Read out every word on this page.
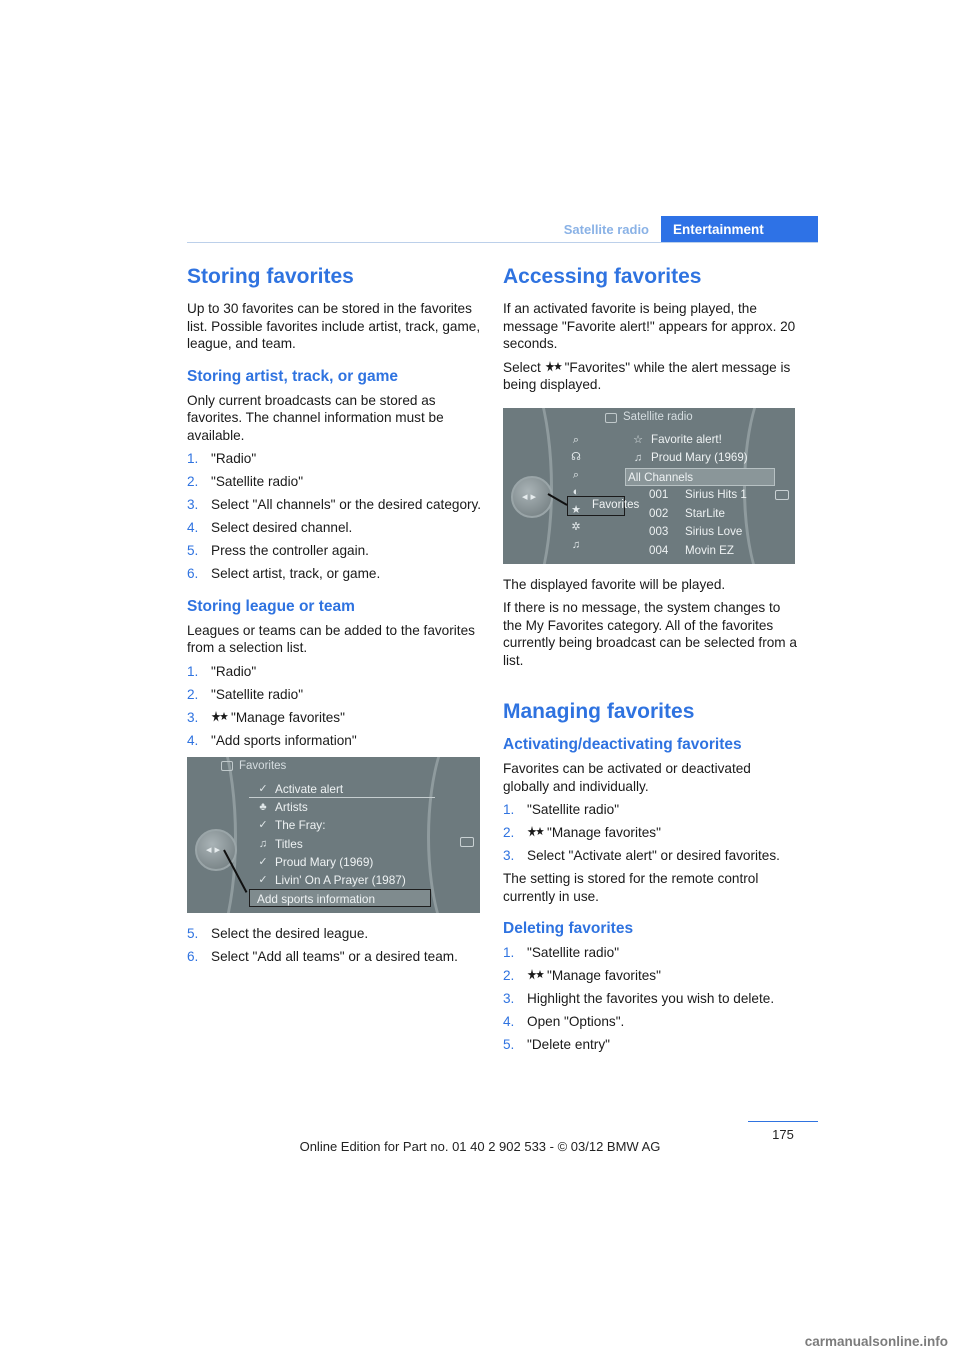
Satellite radio	Entertainment
Storing favorites

Up to 30 favorites can be stored in the favorites list. Possible favorites include artist, track, game, league, and team.

Storing artist, track, or game

Only current broadcasts can be stored as favorites. The channel information must be available.

1. "Radio"
2. "Satellite radio"
3. Select "All channels" or the desired category.
4. Select desired channel.
5. Press the controller again.
6. Select artist, track, or game.
Storing league or team

Leagues or teams can be added to the favorites from a selection list.

1. "Radio"
2. "Satellite radio"
3. "Manage favorites"
4. "Add sports information"
◂▸
Favorites
✓ Activate alert
♣ Artists
✓ The Fray:
♫ Titles
✓ Proud Mary (1969)
✓ Livin' On A Prayer (1987)
Add sports information
5. Select the desired league.
6. Select "Add all teams" or a desired team.
Accessing favorites

If an activated favorite is being played, the message "Favorite alert!" appears for approx. 20 seconds.

Select "Favorites" while the alert message is being displayed.

◂▸
Satellite radio
⌕
☊
⌕
◐
★
✲
♫
Favorites
☆ Favorite alert!
♫ Proud Mary (1969)
All Channels
001 Sirius Hits 1
002 StarLite
003 Sirius Love
004 Movin EZ

The displayed favorite will be played.

If there is no message, the system changes to the My Favorites category. All of the favorites currently being broadcast can be selected from a list.

Managing favorites
Activating/deactivating favorites

Favorites can be activated or deactivated globally and individually.

1. "Satellite radio"
2. "Manage favorites"
3. Select "Activate alert" or desired favorites.

The setting is stored for the remote control currently in use.

Deleting favorites
1. "Satellite radio"
2. "Manage favorites"
3. Highlight the favorites you wish to delete.
4. Open "Options".
5. "Delete entry"
175
Online Edition for Part no. 01 40 2 902 533 - © 03/12 BMW AG
carmanualsonline.info
